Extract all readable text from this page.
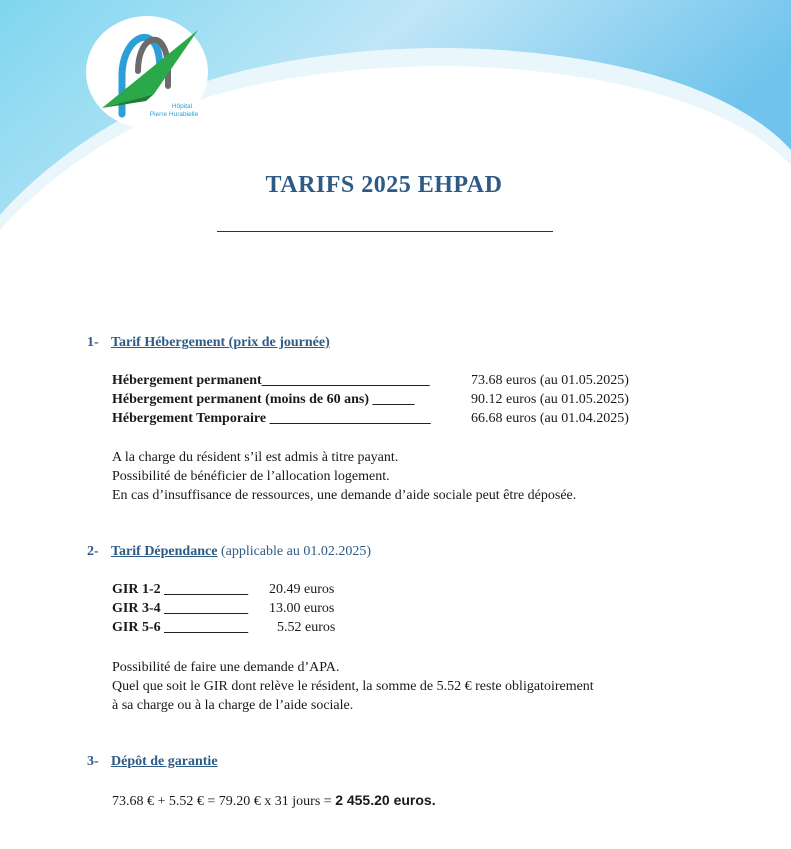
Hôpital
Pierre Hurabielle
TARIFS 2025 EHPAD
1- Tarif Hébergement (prix de journée)
Hébergement permanent________________________	73.68 euros (au 01.05.2025)
Hébergement permanent (moins de 60 ans) ______	90.12 euros (au 01.05.2025)
Hébergement Temporaire _______________________	66.68 euros (au 01.04.2025)

A la charge du résident s’il est admis à titre payant.
Possibilité de bénéficier de l’allocation logement.
En cas d’insuffisance de ressources, une demande d’aide sociale peut être déposée.

2- Tarif Dépendance (applicable au 01.02.2025)
GIR 1-2 ____________ 20.49 euros
GIR 3-4 ____________ 13.00 euros
GIR 5-6 ____________ 5.52 euros

Possibilité de faire une demande d’APA.
Quel que soit le GIR dont relève le résident, la somme de 5.52 € reste obligatoirement
à sa charge ou à la charge de l’aide sociale.

3- Dépôt de garantie
73.68 € + 5.52 € = 79.20 € x 31 jours = 2 455.20 euros.
